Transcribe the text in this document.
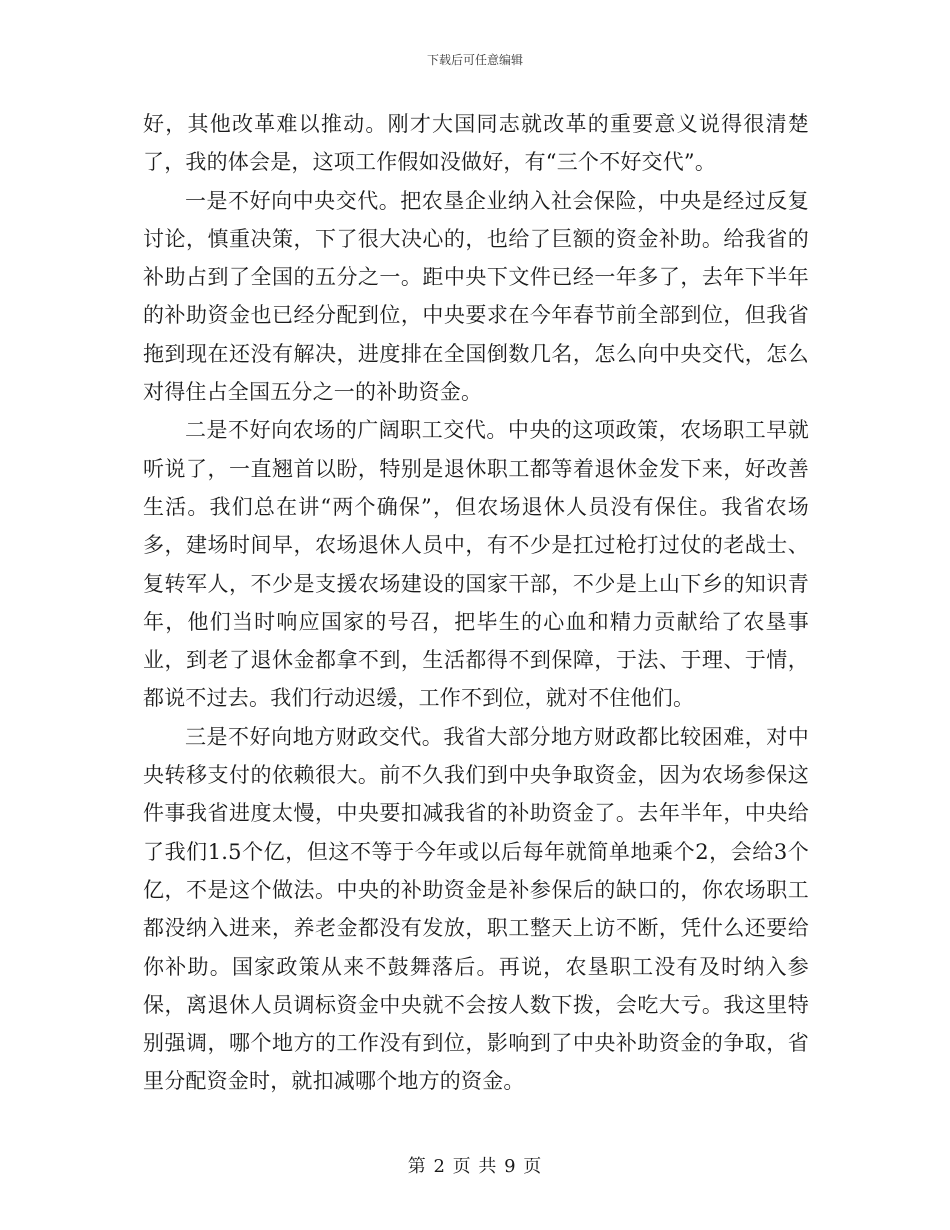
下载后可任意编辑

好，其他改革难以推动。刚才大国同志就改革的重要意义说得很清楚了，我的体会是，这项工作假如没做好，有“三个不好交代”。

一是不好向中央交代。把农垦企业纳入社会保险，中央是经过反复讨论，慎重决策，下了很大决心的，也给了巨额的资金补助。给我省的补助占到了全国的五分之一。距中央下文件已经一年多了，去年下半年的补助资金也已经分配到位，中央要求在今年春节前全部到位，但我省拖到现在还没有解决，进度排在全国倒数几名，怎么向中央交代，怎么对得住占全国五分之一的补助资金。

二是不好向农场的广阔职工交代。中央的这项政策，农场职工早就听说了，一直翘首以盼，特别是退休职工都等着退休金发下来，好改善生活。我们总在讲“两个确保”，但农场退休人员没有保住。我省农场多，建场时间早，农场退休人员中，有不少是扛过枪打过仗的老战士、复转军人，不少是支援农场建设的国家干部，不少是上山下乡的知识青年，他们当时响应国家的号召，把毕生的心血和精力贡献给了农垦事业，到老了退休金都拿不到，生活都得不到保障，于法、于理、于情，都说不过去。我们行动迟缓，工作不到位，就对不住他们。

三是不好向地方财政交代。我省大部分地方财政都比较困难，对中央转移支付的依赖很大。前不久我们到中央争取资金，因为农场参保这件事我省进度太慢，中央要扣减我省的补助资金了。去年半年，中央给了我们1.5个亿，但这不等于今年或以后每年就简单地乘个2，会给3个亿，不是这个做法。中央的补助资金是补参保后的缺口的，你农场职工都没纳入进来，养老金都没有发放，职工整天上访不断，凭什么还要给你补助。国家政策从来不鼓舞落后。再说，农垦职工没有及时纳入参保，离退休人员调标资金中央就不会按人数下拨，会吃大亏。我这里特别强调，哪个地方的工作没有到位，影响到了中央补助资金的争取，省里分配资金时，就扣减哪个地方的资金。

第 2 页 共 9 页
